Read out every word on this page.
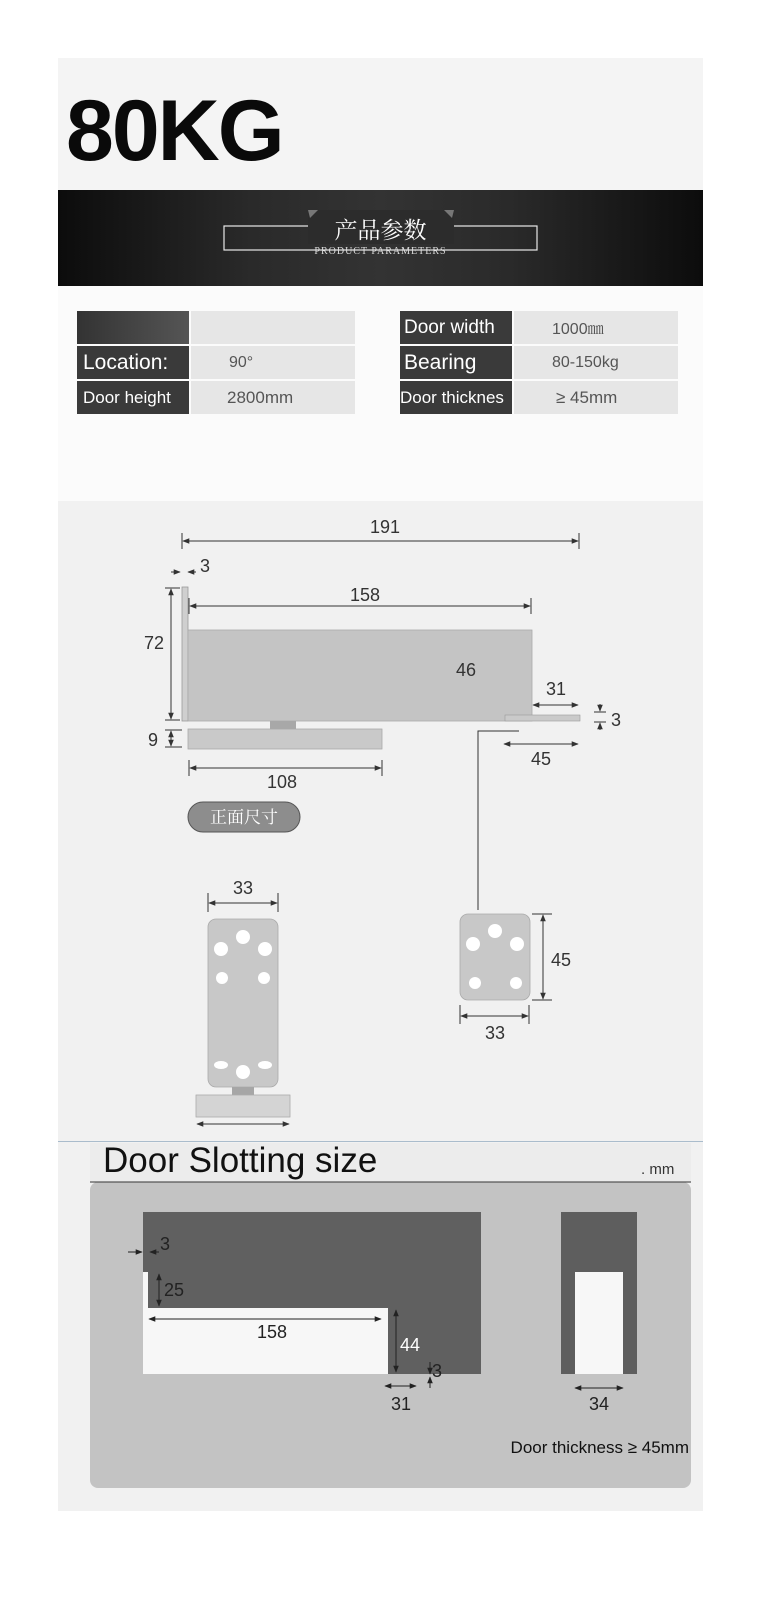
80KG
产品参数
PRODUCT PARAMETERS
Location:	90°
Door height	2800mm
Door width	1000㎜
Bearing	80-150kg
Door thicknes	≥ 45mm
正面尺寸
191
3
158
72
46
9
108
31
3
45
33
45
33
3
25
158
44
3
31	34
Door Slotting size	. mm
Door thickness ≥ 45mm
